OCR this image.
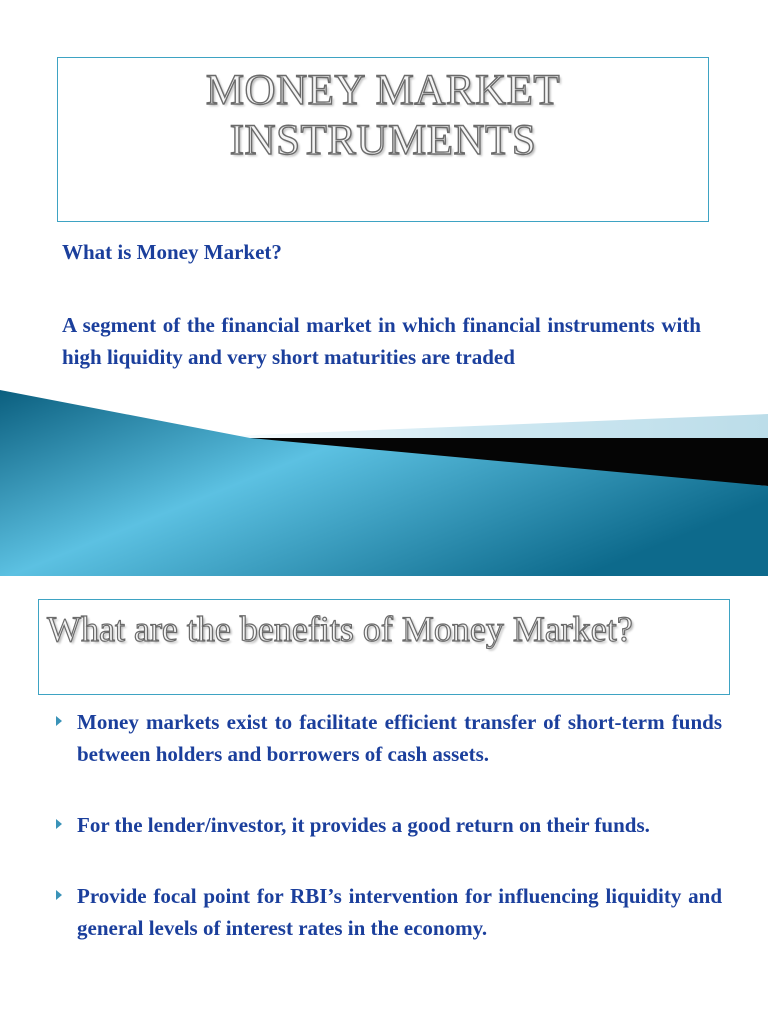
MONEY MARKET
INSTRUMENTS
What is Money Market?
A segment of the financial market in which financial instruments with high liquidity and very short maturities are traded
What are the benefits of Money Market?
Money markets exist to facilitate efficient transfer of short-term funds between holders and borrowers of cash assets.
For the lender/investor, it provides a good return on their funds.
Provide focal point for RBI’s intervention for influencing liquidity and general levels of interest rates in the economy.
